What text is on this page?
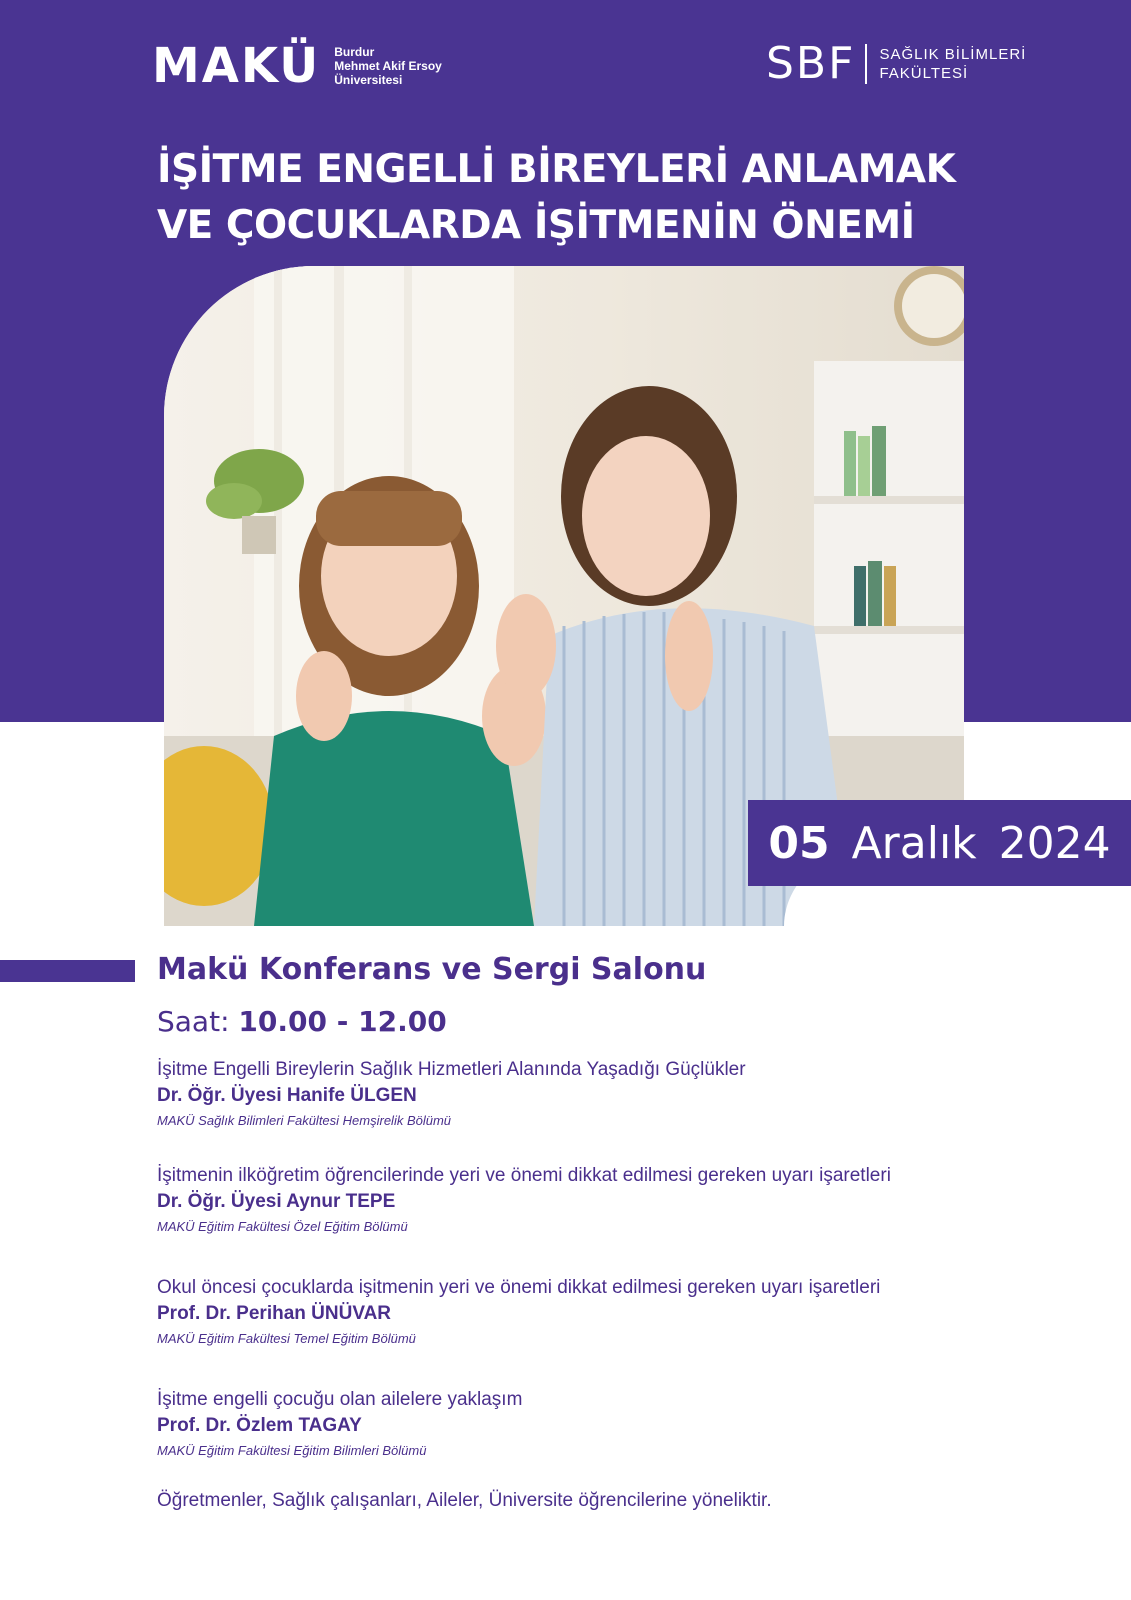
MAKÜ Burdur
Mehmet Akif Ersoy
Üniversitesi	SBF SAĞLIK BİLİMLERİ
FAKÜLTESİ
İŞİTME ENGELLİ BİREYLERİ ANLAMAK
VE ÇOCUKLARDA İŞİTMENİN ÖNEMİ
05 Aralık 2024
Makü Konferans ve Sergi Salonu
Saat: 10.00 - 12.00
İşitme Engelli Bireylerin Sağlık Hizmetleri Alanında Yaşadığı Güçlükler
Dr. Öğr. Üyesi Hanife ÜLGEN
MAKÜ Sağlık Bilimleri Fakültesi Hemşirelik Bölümü
İşitmenin ilköğretim öğrencilerinde yeri ve önemi dikkat edilmesi gereken uyarı işaretleri
Dr. Öğr. Üyesi Aynur TEPE
MAKÜ Eğitim Fakültesi Özel Eğitim Bölümü
Okul öncesi çocuklarda işitmenin yeri ve önemi dikkat edilmesi gereken uyarı işaretleri
Prof. Dr. Perihan ÜNÜVAR
MAKÜ Eğitim Fakültesi Temel Eğitim Bölümü
İşitme engelli çocuğu olan ailelere yaklaşım
Prof. Dr. Özlem TAGAY
MAKÜ Eğitim Fakültesi Eğitim Bilimleri Bölümü
Öğretmenler, Sağlık çalışanları, Aileler, Üniversite öğrencilerine yöneliktir.
